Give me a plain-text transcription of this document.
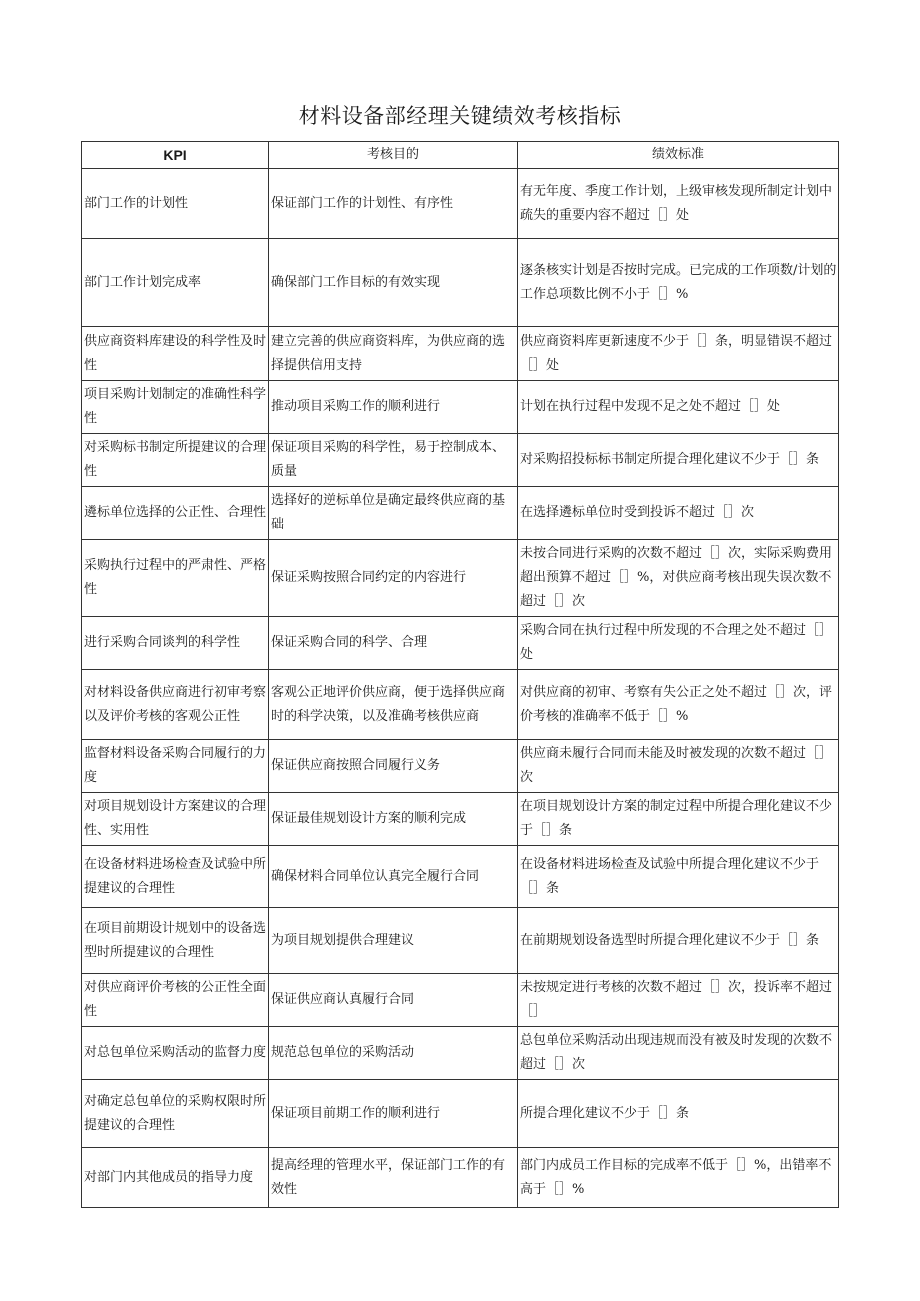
材料设备部经理关键绩效考核指标
KPI	考核目的	绩效标准
部门工作的计划性	保证部门工作的计划性、有序性	有无年度、季度工作计划，上级审核发现所制定计划中疏失的重要内容不超过［］处
部门工作计划完成率	确保部门工作目标的有效实现	逐条核实计划是否按时完成。已完成的工作项数/计划的工作总项数比例不小于［］%
供应商资料库建设的科学性及时性	建立完善的供应商资料库，为供应商的选择提供信用支持	供应商资料库更新速度不少于［］条，明显错误不超过［］处
项目采购计划制定的准确性科学性	推动项目采购工作的顺利进行	计划在执行过程中发现不足之处不超过［］处
对采购标书制定所提建议的合理性	保证项目采购的科学性，易于控制成本、质量	对采购招投标标书制定所提合理化建议不少于［］条
遴标单位选择的公正性、合理性	选择好的逆标单位是确定最终供应商的基础	在选择遴标单位时受到投诉不超过［］次
采购执行过程中的严肃性、严格性	保证采购按照合同约定的内容进行	未按合同进行采购的次数不超过［］次，实际采购费用超出预算不超过［］%，对供应商考核出现失误次数不超过［］次
进行采购合同谈判的科学性	保证采购合同的科学、合理	采购合同在执行过程中所发现的不合理之处不超过［］处
对材料设备供应商进行初审考察以及评价考核的客观公正性	客观公正地评价供应商，便于选择供应商时的科学决策，以及准确考核供应商	对供应商的初审、考察有失公正之处不超过［］次，评价考核的准确率不低于［］%
监督材料设备采购合同履行的力度	保证供应商按照合同履行义务	供应商未履行合同而未能及时被发现的次数不超过［］次
对项目规划设计方案建议的合理性、实用性	保证最佳规划设计方案的顺利完成	在项目规划设计方案的制定过程中所提合理化建议不少于［］条
在设备材料进场检查及试验中所提建议的合理性	确保材料合同单位认真完全履行合同	在设备材料进场检查及试验中所提合理化建议不少于［］条
在项目前期设计规划中的设备选型时所提建议的合理性	为项目规划提供合理建议	在前期规划设备选型时所提合理化建议不少于［］条
对供应商评价考核的公正性全面性	保证供应商认真履行合同	未按规定进行考核的次数不超过［］次，投诉率不超过［］
对总包单位采购活动的监督力度	规范总包单位的采购活动	总包单位采购活动出现违规而没有被及时发现的次数不超过［］次
对确定总包单位的采购权限时所提建议的合理性	保证项目前期工作的顺利进行	所提合理化建议不少于［］条
对部门内其他成员的指导力度	提高经理的管理水平，保证部门工作的有效性	部门内成员工作目标的完成率不低于［］%，出错率不高于［］%
